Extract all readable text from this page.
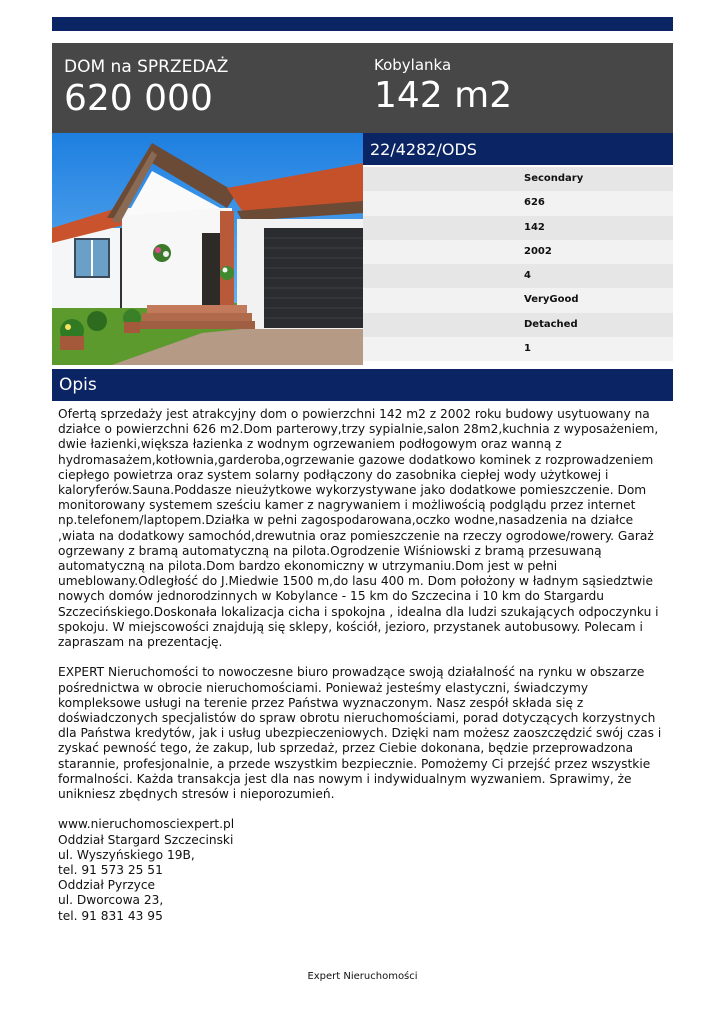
DOM na SPRZEDAŻ
620 000
Kobylanka
142 m2
22/4282/ODS
Secondary
626
142
2002
4
VeryGood
Detached
1
Opis

Ofertą sprzedaży jest atrakcyjny dom o powierzchni 142 m2 z 2002 roku budowy usytuowany na działce o powierzchni 626 m2.Dom parterowy,trzy sypialnie,salon 28m2,kuchnia z wyposażeniem, dwie łazienki,większa łazienka z wodnym ogrzewaniem podłogowym oraz wanną z hydromasażem,kotłownia,garderoba,ogrzewanie gazowe dodatkowo kominek z rozprowadzeniem ciepłego powietrza oraz system solarny podłączony do zasobnika ciepłej wody użytkowej i kaloryferów.Sauna.Poddasze nieużytkowe wykorzystywane jako dodatkowe pomieszczenie. Dom monitorowany systemem sześciu kamer z nagrywaniem i możliwością podglądu przez internet np.telefonem/laptopem.Działka w pełni zagospodarowana,oczko wodne,nasadzenia na działce ,wiata na dodatkowy samochód,drewutnia oraz pomieszczenie na rzeczy ogrodowe/rowery. Garaż ogrzewany z bramą automatyczną na pilota.Ogrodzenie Wiśniowski z bramą przesuwaną automatyczną na pilota.Dom bardzo ekonomiczny w utrzymaniu.Dom jest w pełni umeblowany.Odległość do J.Miedwie 1500 m,do lasu 400 m. Dom położony w ładnym sąsiedztwie nowych domów jednorodzinnych w Kobylance - 15 km do Szczecina i 10 km do Stargardu Szczecińskiego.Doskonała lokalizacja cicha i spokojna , idealna dla ludzi szukających odpoczynku i spokoju. W miejscowości znajdują się sklepy, kościół, jezioro, przystanek autobusowy. Polecam i zapraszam na prezentację.

EXPERT Nieruchomości to nowoczesne biuro prowadzące swoją działalność na rynku w obszarze pośrednictwa w obrocie nieruchomościami. Ponieważ jesteśmy elastyczni, świadczymy kompleksowe usługi na terenie przez Państwa wyznaczonym. Nasz zespół składa się z doświadczonych specjalistów do spraw obrotu nieruchomościami, porad dotyczących korzystnych dla Państwa kredytów, jak i usług ubezpieczeniowych. Dzięki nam możesz zaoszczędzić swój czas i zyskać pewność tego, że zakup, lub sprzedaż, przez Ciebie dokonana, będzie przeprowadzona starannie, profesjonalnie, a przede wszystkim bezpiecznie. Pomożemy Ci przejść przez wszystkie formalności. Każda transakcja jest dla nas nowym i indywidualnym wyzwaniem. Sprawimy, że unikniesz zbędnych stresów i nieporozumień.

www.nieruchomosciexpert.pl

Oddział Stargard Szczecinski

ul. Wyszyńskiego 19B,

tel. 91 573 25 51

Oddział Pyrzyce

ul. Dworcowa 23,

tel. 91 831 43 95

Expert Nieruchomości
